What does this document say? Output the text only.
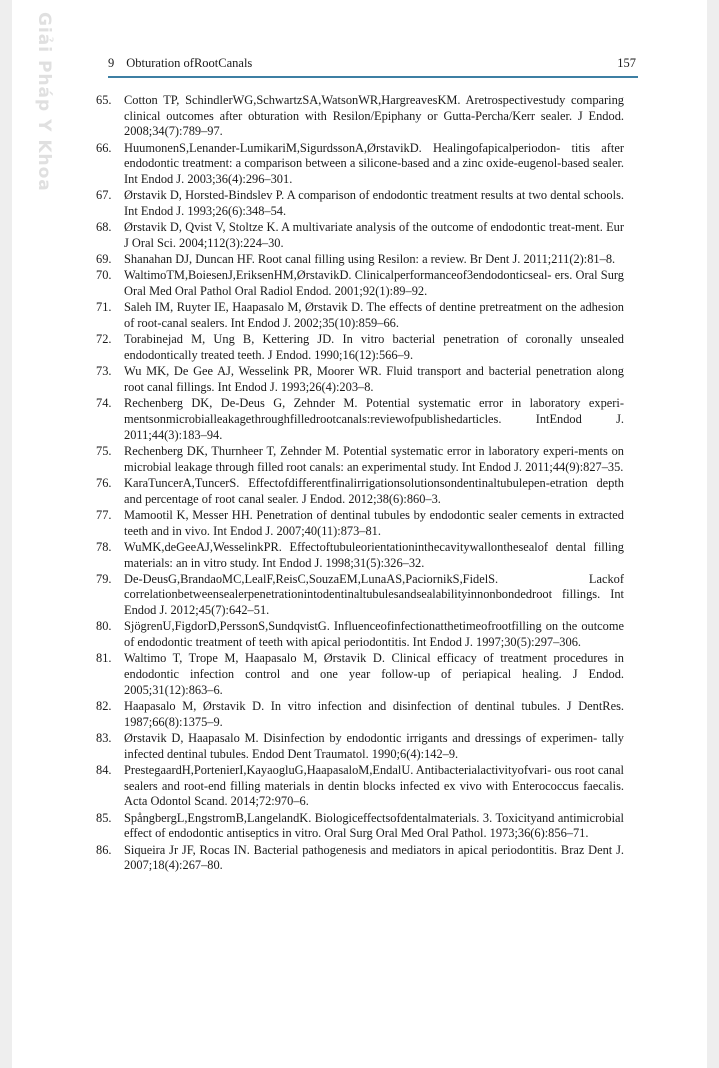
Giải Pháp Y Khoa	9 Obturation ofRootCanals	157
65.	Cotton TP, SchindlerWG,SchwartzSA,WatsonWR,HargreavesKM. Aretrospectivestudy comparing clinical outcomes after obturation with Resilon/Epiphany or Gutta-Percha/Kerr sealer. J Endod. 2008;34(7):789–97.
66.	HuumonenS,Lenander-LumikariM,SigurdssonA,ØrstavikD. Healingofapicalperiodon- titis after endodontic treatment: a comparison between a silicone-based and a zinc oxide-eugenol-based sealer. Int Endod J. 2003;36(4):296–301.
67.	Ørstavik D, Horsted-Bindslev P. A comparison of endodontic treatment results at two dental schools. Int Endod J. 1993;26(6):348–54.
68.	Ørstavik D, Qvist V, Stoltze K. A multivariate analysis of the outcome of endodontic treat-ment. Eur J Oral Sci. 2004;112(3):224–30.
69.	Shanahan DJ, Duncan HF. Root canal filling using Resilon: a review. Br Dent J. 2011;211(2):81–8.
70.	WaltimoTM,BoiesenJ,EriksenHM,ØrstavikD. Clinicalperformanceof3endodonticseal- ers. Oral Surg Oral Med Oral Pathol Oral Radiol Endod. 2001;92(1):89–92.
71.	Saleh IM, Ruyter IE, Haapasalo M, Ørstavik D. The effects of dentine pretreatment on the adhesion of root-canal sealers. Int Endod J. 2002;35(10):859–66.
72.	Torabinejad M, Ung B, Kettering JD. In vitro bacterial penetration of coronally unsealed endodontically treated teeth. J Endod. 1990;16(12):566–9.
73.	Wu MK, De Gee AJ, Wesselink PR, Moorer WR. Fluid transport and bacterial penetration along root canal fillings. Int Endod J. 1993;26(4):203–8.
74.	Rechenberg DK, De-Deus G, Zehnder M. Potential systematic error in laboratory experi-mentsonmicrobialleakagethroughfilledrootcanals:reviewofpublishedarticles. IntEndod J. 2011;44(3):183–94.
75.	Rechenberg DK, Thurnheer T, Zehnder M. Potential systematic error in laboratory experi-ments on microbial leakage through filled root canals: an experimental study. Int Endod J. 2011;44(9):827–35.
76.	KaraTuncerA,TuncerS. Effectofdifferentfinalirrigationsolutionsondentinaltubulepen-etration depth and percentage of root canal sealer. J Endod. 2012;38(6):860–3.
77.	Mamootil K, Messer HH. Penetration of dentinal tubules by endodontic sealer cements in extracted teeth and in vivo. Int Endod J. 2007;40(11):873–81.
78.	WuMK,deGeeAJ,WesselinkPR. Effectoftubuleorientationinthecavitywallonthesealof dental filling materials: an in vitro study. Int Endod J. 1998;31(5):326–32.
79.	De-DeusG,BrandaoMC,LealF,ReisC,SouzaEM,LunaAS,PaciornikS,FidelS. Lackof correlationbetweensealerpenetrationintodentinaltubulesandsealabilityinnonbondedroot fillings. Int Endod J. 2012;45(7):642–51.
80.	SjögrenU,FigdorD,PerssonS,SundqvistG. Influenceofinfectionatthetimeofrootfilling on the outcome of endodontic treatment of teeth with apical periodontitis. Int Endod J. 1997;30(5):297–306.
81.	Waltimo T, Trope M, Haapasalo M, Ørstavik D. Clinical efficacy of treatment procedures in endodontic infection control and one year follow-up of periapical healing. J Endod. 2005;31(12):863–6.
82.	Haapasalo M, Ørstavik D. In vitro infection and disinfection of dentinal tubules. J DentRes. 1987;66(8):1375–9.
83.	Ørstavik D, Haapasalo M. Disinfection by endodontic irrigants and dressings of experimen- tally infected dentinal tubules. Endod Dent Traumatol. 1990;6(4):142–9.
84.	PrestegaardH,PortenierI,KayaogluG,HaapasaloM,EndalU. Antibacterialactivityofvari- ous root canal sealers and root-end filling materials in dentin blocks infected ex vivo with Enterococcus faecalis. Acta Odontol Scand. 2014;72:970–6.
85.	SpångbergL,EngstromB,LangelandK. Biologiceffectsofdentalmaterials. 3. Toxicityand antimicrobial effect of endodontic antiseptics in vitro. Oral Surg Oral Med Oral Pathol. 1973;36(6):856–71.
86.	Siqueira Jr JF, Rocas IN. Bacterial pathogenesis and mediators in apical periodontitis. Braz Dent J. 2007;18(4):267–80.
